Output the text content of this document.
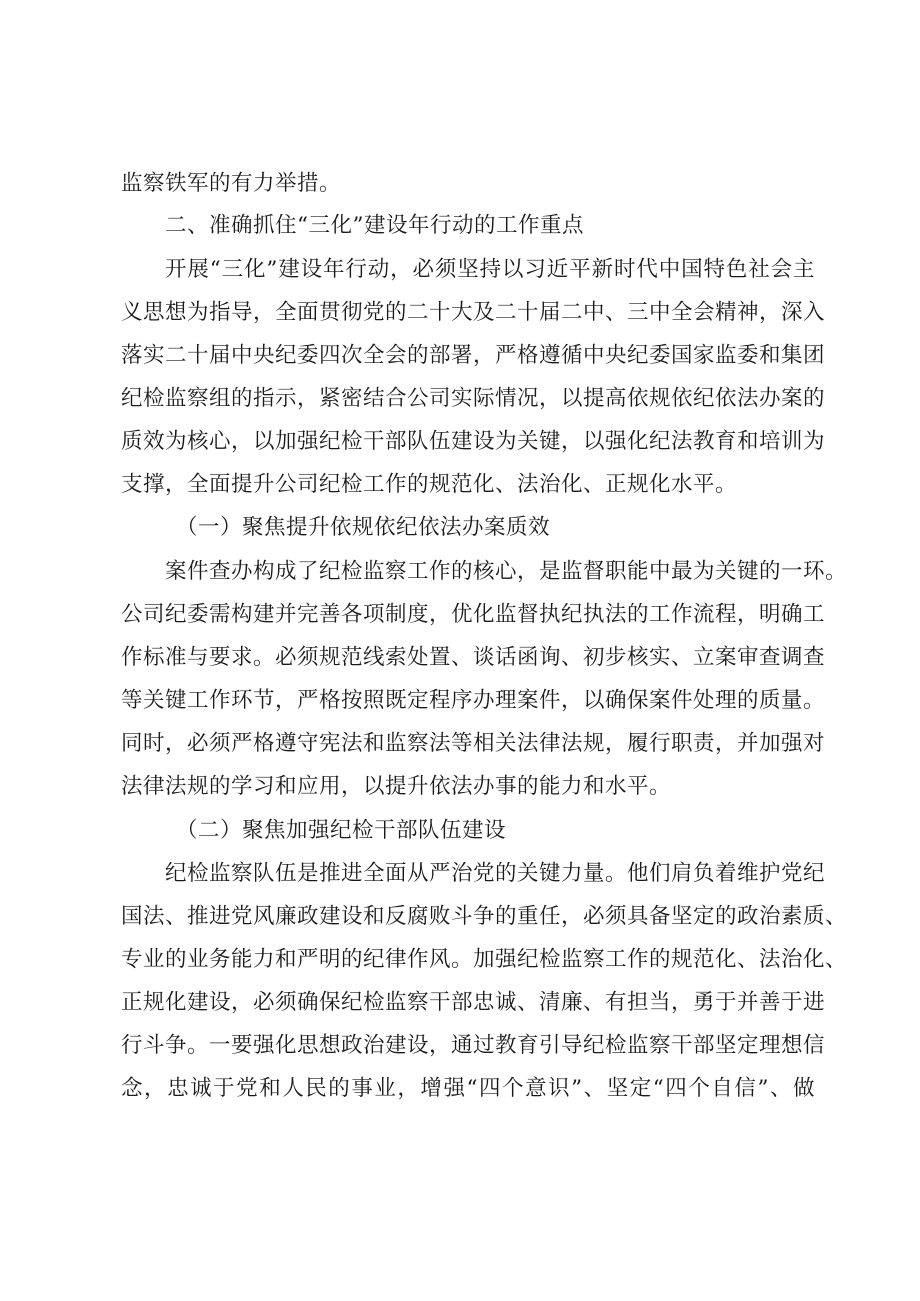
监察铁军的有力举措。
二、准确抓住“三化”建设年行动的工作重点
开展“三化”建设年行动，必须坚持以习近平新时代中国特色社会主
义思想为指导，全面贯彻党的二十大及二十届二中、三中全会精神，深入
落实二十届中央纪委四次全会的部署，严格遵循中央纪委国家监委和集团
纪检监察组的指示，紧密结合公司实际情况，以提高依规依纪依法办案的
质效为核心，以加强纪检干部队伍建设为关键，以强化纪法教育和培训为
支撑，全面提升公司纪检工作的规范化、法治化、正规化水平。
（一）聚焦提升依规依纪依法办案质效
案件查办构成了纪检监察工作的核心，是监督职能中最为关键的一环。
公司纪委需构建并完善各项制度，优化监督执纪执法的工作流程，明确工
作标准与要求。必须规范线索处置、谈话函询、初步核实、立案审查调查
等关键工作环节，严格按照既定程序办理案件，以确保案件处理的质量。
同时，必须严格遵守宪法和监察法等相关法律法规，履行职责，并加强对
法律法规的学习和应用，以提升依法办事的能力和水平。
（二）聚焦加强纪检干部队伍建设
纪检监察队伍是推进全面从严治党的关键力量。他们肩负着维护党纪
国法、推进党风廉政建设和反腐败斗争的重任，必须具备坚定的政治素质、
专业的业务能力和严明的纪律作风。加强纪检监察工作的规范化、法治化、
正规化建设，必须确保纪检监察干部忠诚、清廉、有担当，勇于并善于进
行斗争。一要强化思想政治建设，通过教育引导纪检监察干部坚定理想信
念，忠诚于党和人民的事业，增强“四个意识”、坚定“四个自信”、做
